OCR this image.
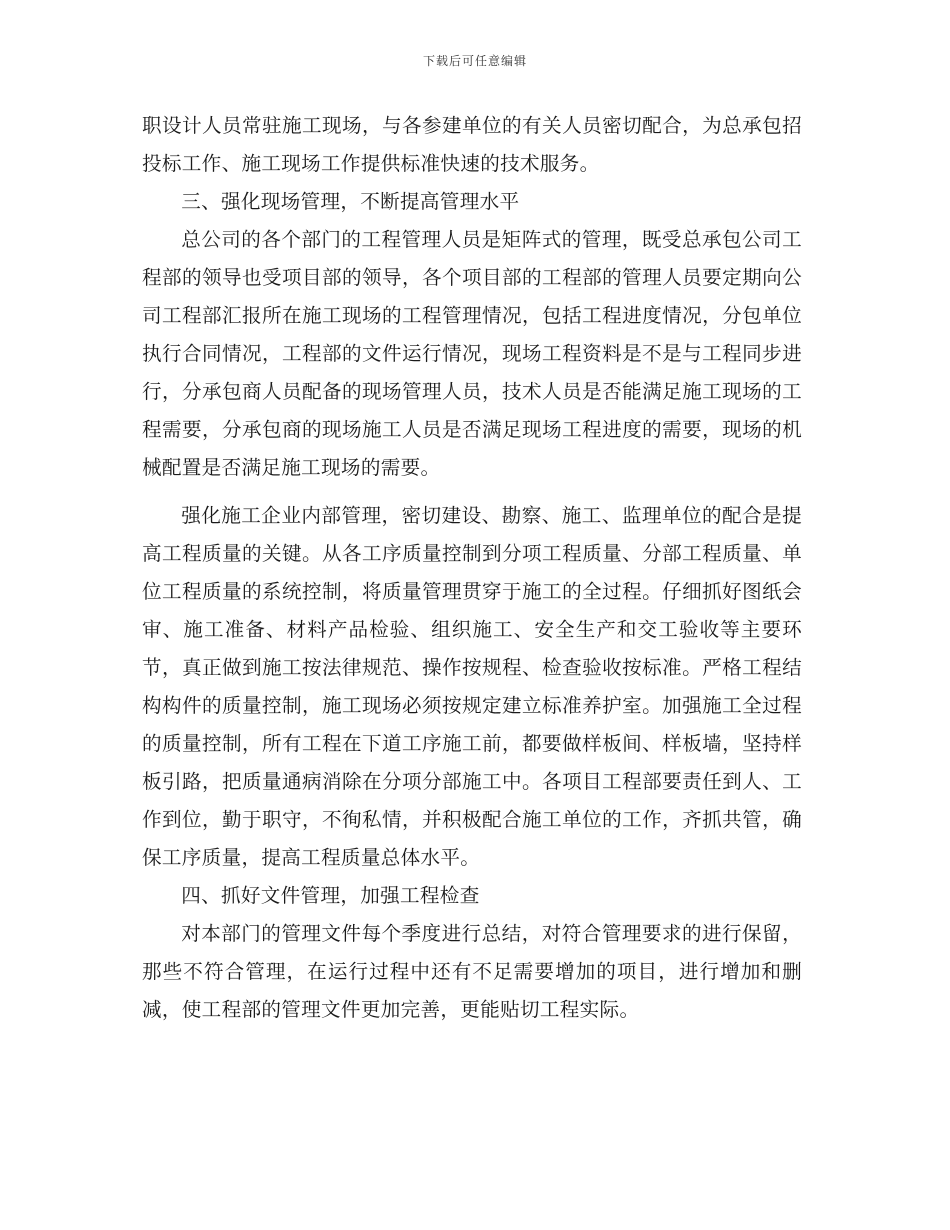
下载后可任意编辑

职设计人员常驻施工现场，与各参建单位的有关人员密切配合，为总承包招投标工作、施工现场工作提供标准快速的技术服务。

三、强化现场管理，不断提高管理水平

总公司的各个部门的工程管理人员是矩阵式的管理，既受总承包公司工程部的领导也受项目部的领导，各个项目部的工程部的管理人员要定期向公司工程部汇报所在施工现场的工程管理情况，包括工程进度情况，分包单位执行合同情况，工程部的文件运行情况，现场工程资料是不是与工程同步进行，分承包商人员配备的现场管理人员，技术人员是否能满足施工现场的工程需要，分承包商的现场施工人员是否满足现场工程进度的需要，现场的机械配置是否满足施工现场的需要。

强化施工企业内部管理，密切建设、勘察、施工、监理单位的配合是提高工程质量的关键。从各工序质量控制到分项工程质量、分部工程质量、单位工程质量的系统控制，将质量管理贯穿于施工的全过程。仔细抓好图纸会审、施工准备、材料产品检验、组织施工、安全生产和交工验收等主要环节，真正做到施工按法律规范、操作按规程、检查验收按标准。严格工程结构构件的质量控制，施工现场必须按规定建立标准养护室。加强施工全过程的质量控制，所有工程在下道工序施工前，都要做样板间、样板墙，坚持样板引路，把质量通病消除在分项分部施工中。各项目工程部要责任到人、工作到位，勤于职守，不徇私情，并积极配合施工单位的工作，齐抓共管，确保工序质量，提高工程质量总体水平。

四、抓好文件管理，加强工程检查

对本部门的管理文件每个季度进行总结，对符合管理要求的进行保留，那些不符合管理，在运行过程中还有不足需要增加的项目，进行增加和删减，使工程部的管理文件更加完善，更能贴切工程实际。
